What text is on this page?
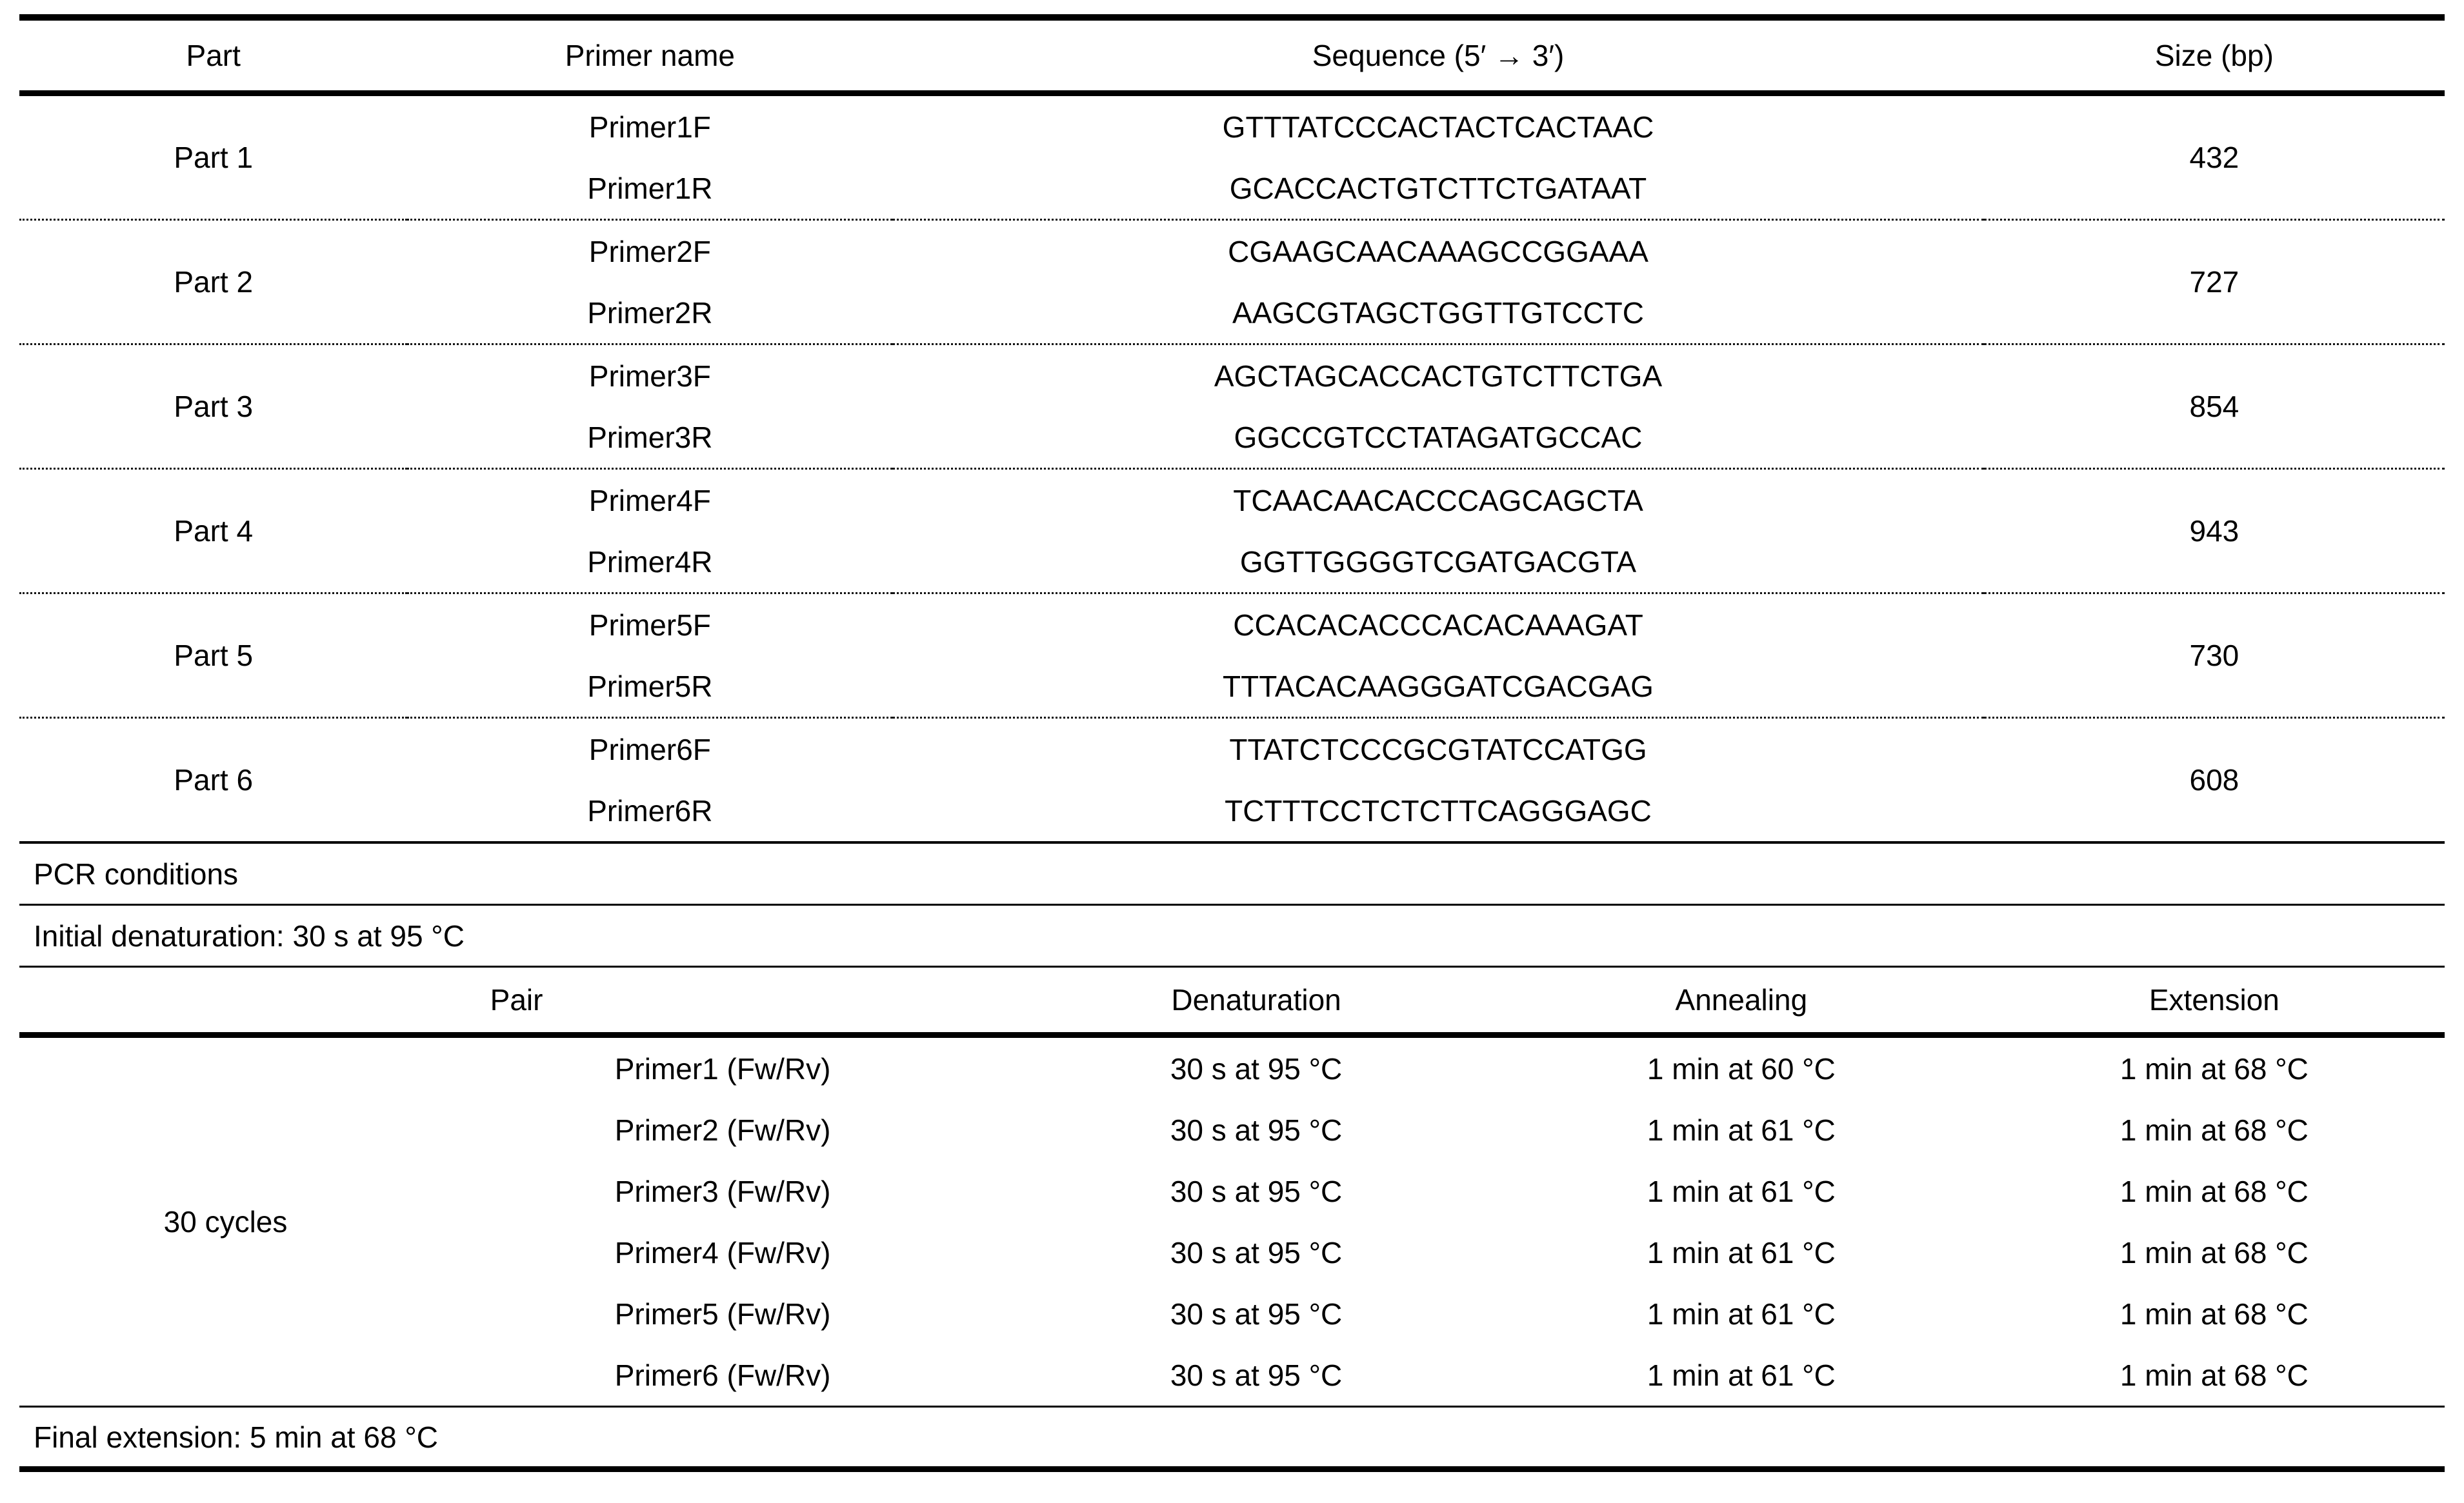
Part	Primer name	Sequence (5′ → 3′)	Size (bp)
Part 1	Primer1F	GTTTATCCCACTACTCACTAAC	432
	Primer1R	GCACCACTGTCTTCTGATAAT	
Part 2	Primer2F	CGAAGCAACAAAGCCGGAAA	727
	Primer2R	AAGCGTAGCTGGTTGTCCTC	
Part 3	Primer3F	AGCTAGCACCACTGTCTTCTGA	854
	Primer3R	GGCCGTCCTATAGATGCCAC	
Part 4	Primer4F	TCAACAACACCCAGCAGCTA	943
	Primer4R	GGTTGGGGTCGATGACGTA	
Part 5	Primer5F	CCACACACCCACACAAAGAT	730
	Primer5R	TTTACACAAGGGATCGACGAG	
Part 6	Primer6F	TTATCTCCCGCGTATCCATGG	608
	Primer6R	TCTTTCCTCTCTTCAGGGAGC	
PCR conditions
Initial denaturation: 30 s at 95 °C
Pair		Denaturation	Annealing	Extension
30 cycles	Primer1 (Fw/Rv)	30 s at 95 °C	1 min at 60 °C	1 min at 68 °C
	Primer2 (Fw/Rv)	30 s at 95 °C	1 min at 61 °C	1 min at 68 °C
	Primer3 (Fw/Rv)	30 s at 95 °C	1 min at 61 °C	1 min at 68 °C
	Primer4 (Fw/Rv)	30 s at 95 °C	1 min at 61 °C	1 min at 68 °C
	Primer5 (Fw/Rv)	30 s at 95 °C	1 min at 61 °C	1 min at 68 °C
	Primer6 (Fw/Rv)	30 s at 95 °C	1 min at 61 °C	1 min at 68 °C
Final extension: 5 min at 68 °C
